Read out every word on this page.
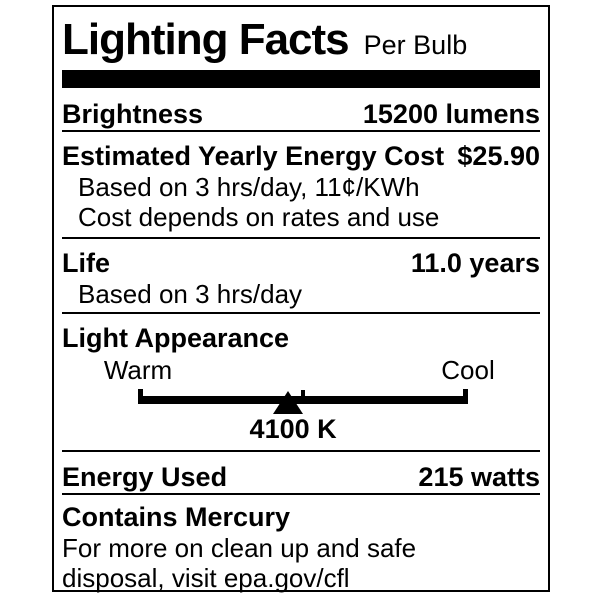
Lighting Facts Per Bulb
Brightness	15200 lumens
Estimated Yearly Energy Cost $25.90
Based on 3 hrs/day, 11¢/KWh
Cost depends on rates and use
Life	11.0 years
Based on 3 hrs/day
Light Appearance
Warm	Cool
4100 K
Energy Used	215 watts
Contains Mercury
For more on clean up and safe
disposal, visit epa.gov/cfl
